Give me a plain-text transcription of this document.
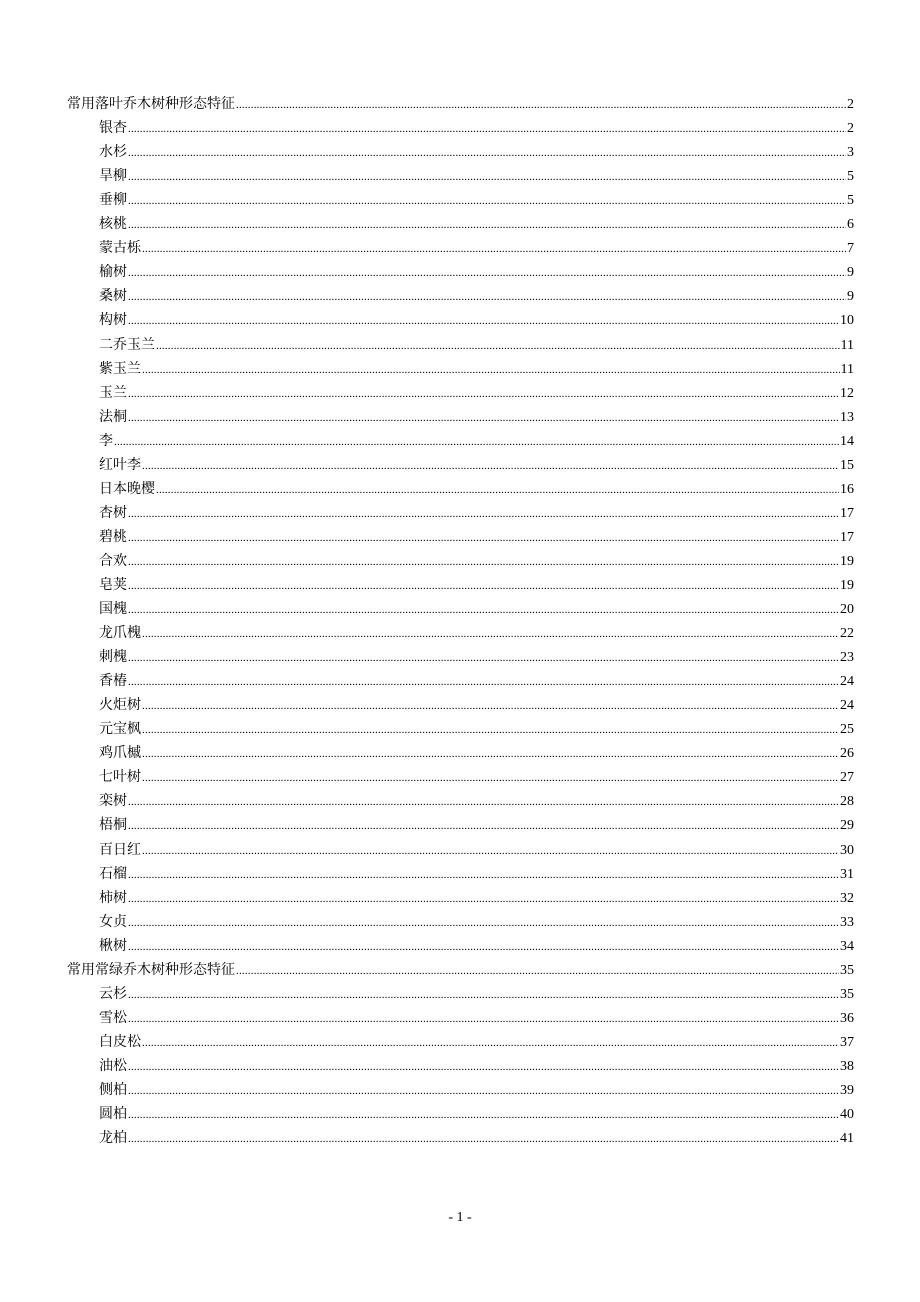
常用落叶乔木树种形态特征 .....	2
银杏 .....	2
水杉 .....	3
旱柳 .....	5
垂柳 .....	5
核桃 .....	6
蒙古栎 .....	7
榆树 .....	9
桑树 .....	9
构树 .....	10
二乔玉兰 .....	11
紫玉兰 .....	11
玉兰 .....	12
法桐 .....	13
李 .....	14
红叶李 .....	15
日本晚樱 .....	16
杏树 .....	17
碧桃 .....	17
合欢 .....	19
皂荚 .....	19
国槐 .....	20
龙爪槐 .....	22
刺槐 .....	23
香椿 .....	24
火炬树 .....	24
元宝枫 .....	25
鸡爪槭 .....	26
七叶树 .....	27
栾树 .....	28
梧桐 .....	29
百日红 .....	30
石榴 .....	31
柿树 .....	32
女贞 .....	33
楸树 .....	34
常用常绿乔木树种形态特征 .....	35
云杉 .....	35
雪松 .....	36
白皮松 .....	37
油松 .....	38
侧柏 .....	39
圆柏 .....	40
龙柏 .....	41
- 1 -
